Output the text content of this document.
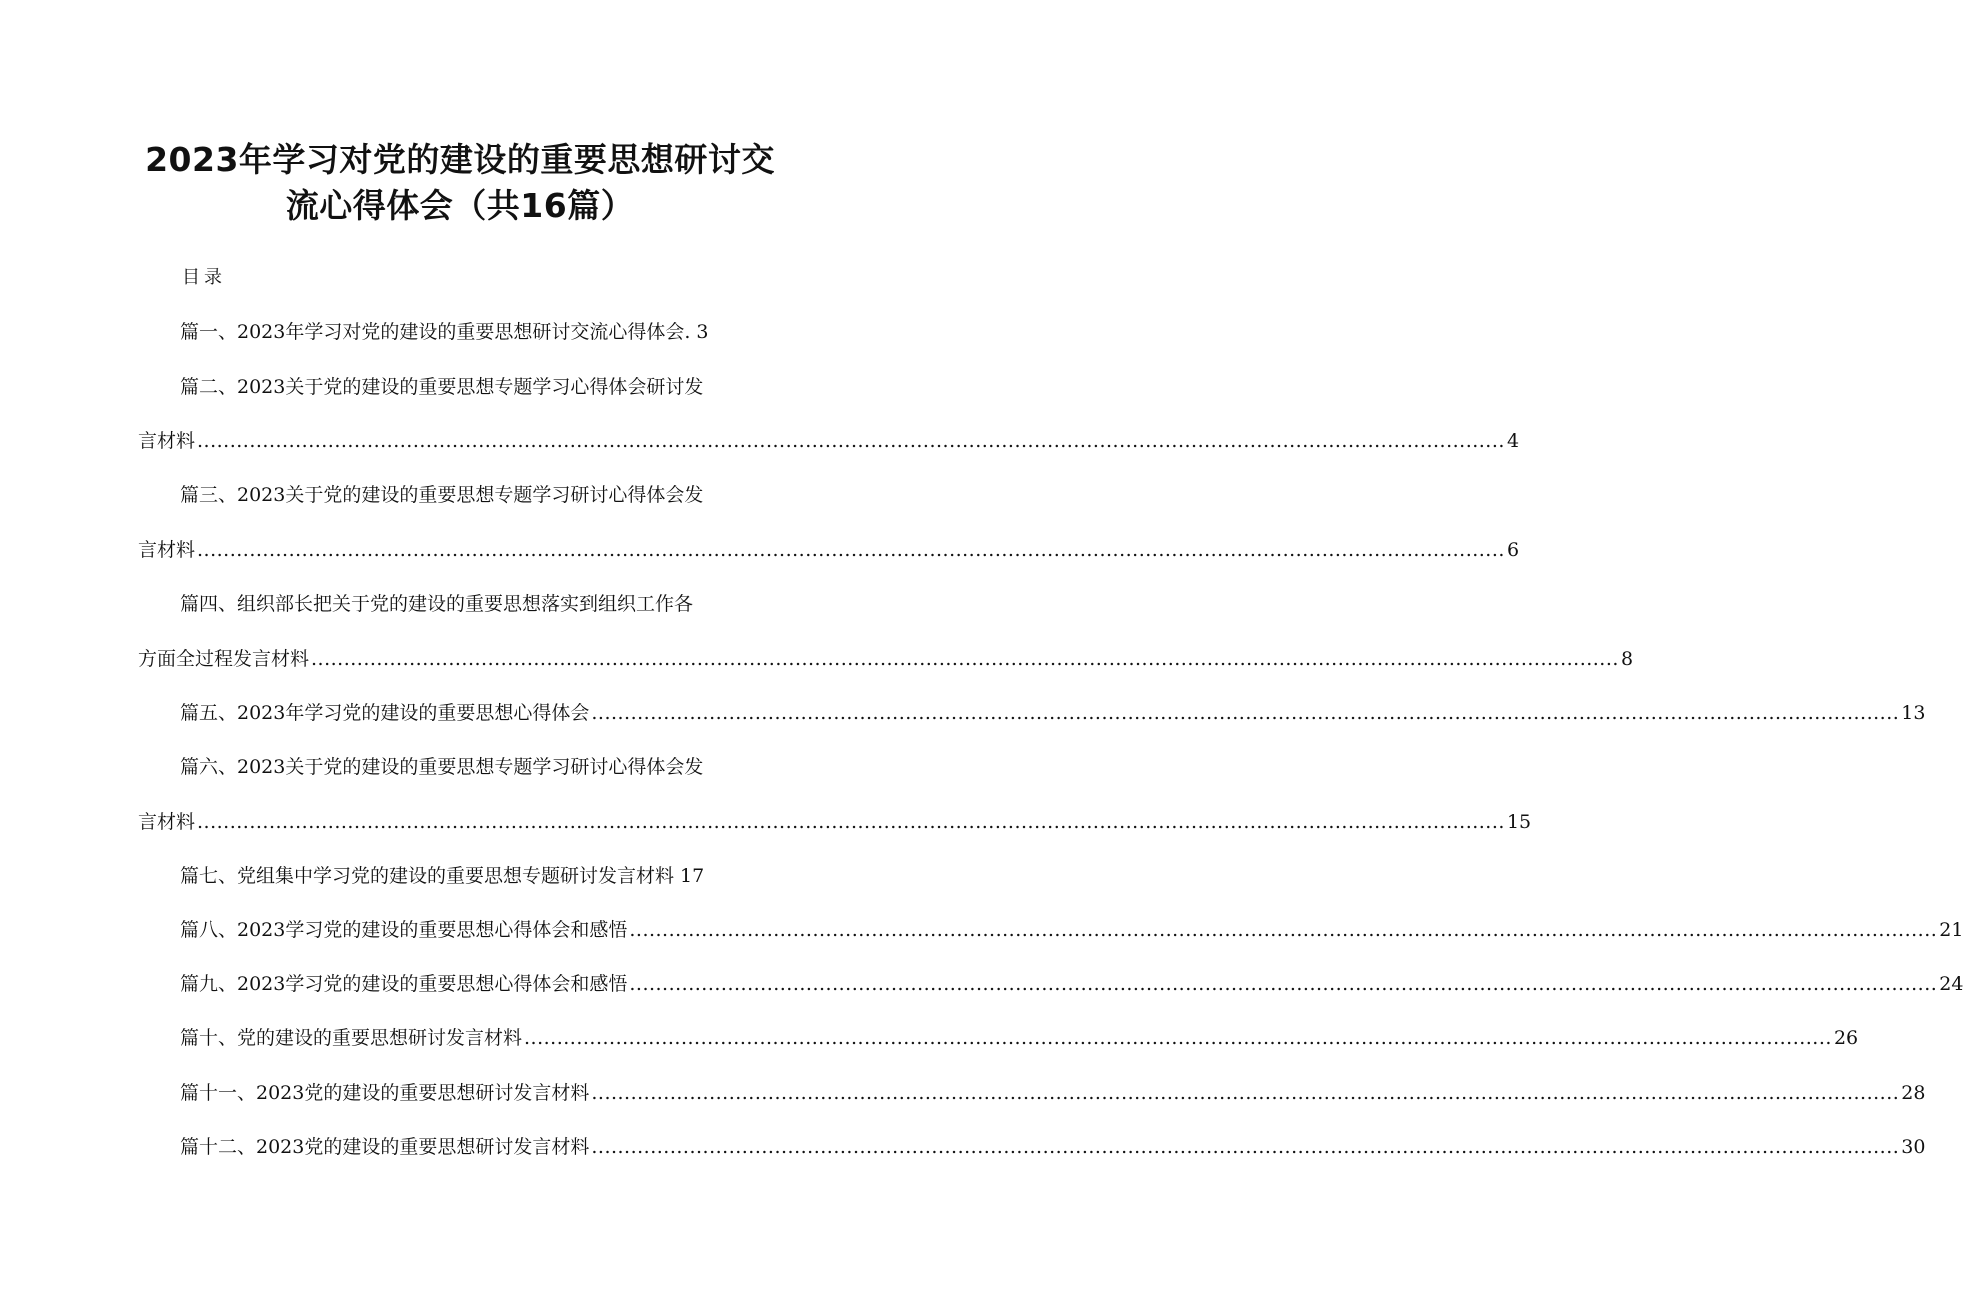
2023年学习对党的建设的重要思想研讨交
流心得体会（共16篇）
目录
篇一、2023年学习对党的建设的重要思想研讨交流心得体会. 3
篇二、2023关于党的建设的重要思想专题学习心得体会研讨发
言材料 ........................................................................................................................................................................................................ 4
篇三、2023关于党的建设的重要思想专题学习研讨心得体会发
言材料 ........................................................................................................................................................................................................ 6
篇四、组织部长把关于党的建设的重要思想落实到组织工作各
方面全过程发言材料 ........................................................................................................................................................................................................ 8
篇五、2023年学习党的建设的重要思想心得体会 ........................................................................................................................................................................................................ 13
篇六、2023关于党的建设的重要思想专题学习研讨心得体会发
言材料 ........................................................................................................................................................................................................ 15
篇七、党组集中学习党的建设的重要思想专题研讨发言材料 17
篇八、2023学习党的建设的重要思想心得体会和感悟 ........................................................................................................................................................................................................ 21
篇九、2023学习党的建设的重要思想心得体会和感悟 ........................................................................................................................................................................................................ 24
篇十、党的建设的重要思想研讨发言材料 ........................................................................................................................................................................................................ 26
篇十一、2023党的建设的重要思想研讨发言材料 ........................................................................................................................................................................................................ 28
篇十二、2023党的建设的重要思想研讨发言材料 ........................................................................................................................................................................................................ 30
